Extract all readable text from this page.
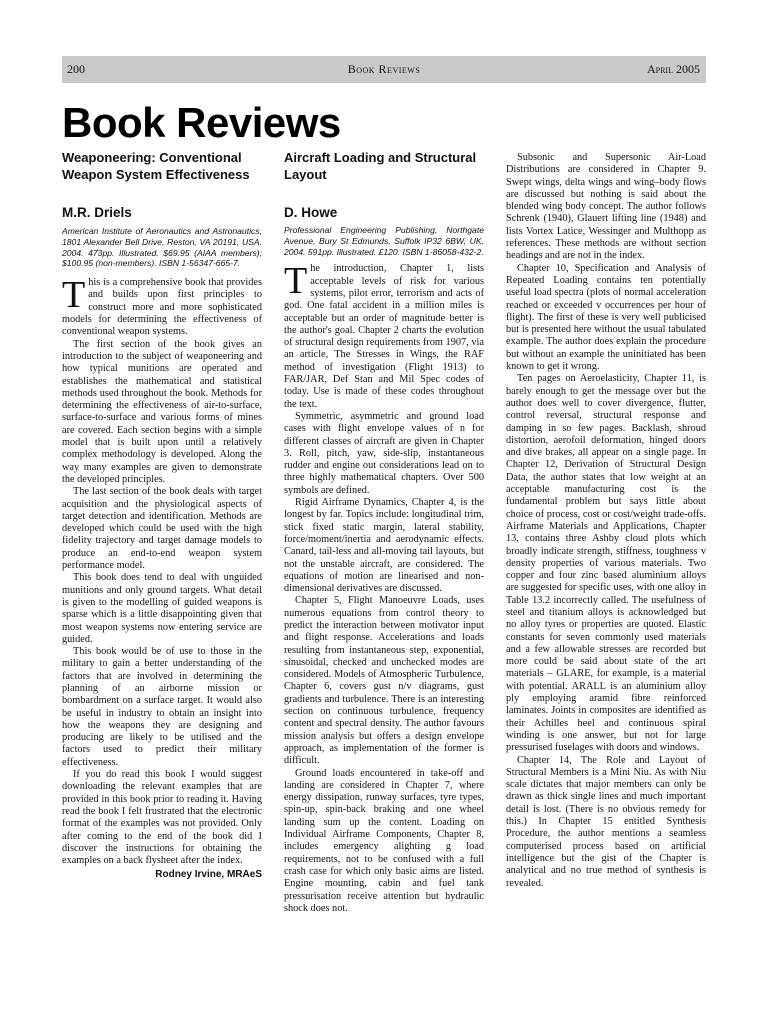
200	Book Reviews	April 2005
Book Reviews
Weaponeering: Conventional Weapon System Effectiveness
M.R. Driels

American Institute of Aeronautics and Astronautics, 1801 Alexander Bell Drive, Reston, VA 20191, USA. 2004. 473pp. Illustrated. $69.95 (AIAA members); $100.95 (non-members). ISBN 1-56347-665-7.

This is a comprehensive book that provides and builds upon first principles to construct more and more sophisticated models for determining the effectiveness of conventional weapon systems.

The first section of the book gives an introduction to the subject of weaponeering and how typical munitions are operated and establishes the mathematical and statistical methods used throughout the book. Methods for determining the effectiveness of air-to-surface, surface-to-surface and various forms of mines are covered. Each section begins with a simple model that is built upon until a relatively complex methodology is developed. Along the way many examples are given to demonstrate the developed principles.

The last section of the book deals with target acquisition and the physiological aspects of target detection and identification. Methods are developed which could be used with the high fidelity trajectory and target damage models to produce an end-to-end weapon system performance model.

This book does tend to deal with unguided munitions and only ground targets. What detail is given to the modelling of guided weapons is sparse which is a little disappointing given that most weapon systems now entering service are guided.

This book would be of use to those in the military to gain a better understanding of the factors that are involved in determining the planning of an airborne mission or bombardment on a surface target. It would also be useful in industry to obtain an insight into how the weapons they are designing and producing are likely to be utilised and the factors used to predict their military effectiveness.

If you do read this book I would suggest downloading the relevant examples that are provided in this book prior to reading it. Having read the book I felt frustrated that the electronic format of the examples was not provided. Only after coming to the end of the book did I discover the instructions for obtaining the examples on a back flysheet after the index.

Rodney Irvine, MRAeS

Aircraft Loading and Structural Layout
D. Howe

Professional Engineering Publishing, Northgate Avenue, Bury St Edmunds, Suffolk IP32 6BW, UK. 2004. 591pp. Illustrated. £120. ISBN 1-86058-432-2.

The introduction, Chapter 1, lists acceptable levels of risk for various systems, pilot error, terrorism and acts of god. One fatal accident in a million miles is acceptable but an order of magnitude better is the author's goal. Chapter 2 charts the evolution of structural design requirements from 1907, via an article, The Stresses in Wings, the RAF method of investigation (Flight 1913) to FAR/JAR, Def Stan and Mil Spec codes of today. Use is made of these codes throughout the text.

Symmetric, asymmetric and ground load cases with flight envelope values of n for different classes of aircraft are given in Chapter 3. Roll, pitch, yaw, side-slip, instantaneous rudder and engine out considerations lead on to three highly mathematical chapters. Over 500 symbols are defined.

Rigid Airframe Dynamics, Chapter 4, is the longest by far. Topics include: longitudinal trim, stick fixed static margin, lateral stability, force/moment/inertia and aerodynamic effects. Canard, tail-less and all-moving tail layouts, but not the unstable aircraft, are considered. The equations of motion are linearised and non-dimensional derivatives are discussed.

Chapter 5, Flight Manoeuvre Loads, uses numerous equations from control theory to predict the interaction between motivator input and flight response. Accelerations and loads resulting from instantaneous step, exponential, sinusoidal, checked and unchecked modes are considered. Models of Atmospheric Turbulence, Chapter 6, covers gust n/v diagrams, gust gradients and turbulence. There is an interesting section on continuous turbulence, frequency content and spectral density. The author favours mission analysis but offers a design envelope approach, as implementation of the former is difficult.

Ground loads encountered in take-off and landing are considered in Chapter 7, where energy dissipation, runway surfaces, tyre types, spin-up, spin-back braking and one wheel landing sum up the content. Loading on Individual Airframe Components, Chapter 8, includes emergency alighting g load requirements, not to be confused with a full crash case for which only basic aims are listed. Engine mounting, cabin and fuel tank pressurisation receive attention but hydraulic shock does not.

Subsonic and Supersonic Air-Load Distributions are considered in Chapter 9. Swept wings, delta wings and wing–body flows are discussed but nothing is said about the blended wing body concept. The author follows Schrenk (1940), Glauert lifting line (1948) and lists Vortex Latice, Wessinger and Multhopp as references. These methods are without section headings and are not in the index.

Chapter 10, Specification and Analysis of Repeated Loading contains ten potentially useful load spectra (plots of normal acceleration reached or exceeded v occurrences per hour of flight). The first of these is very well publicised but is presented here without the usual tabulated example. The author does explain the procedure but without an example the uninitiated has been known to get it wrong.

Ten pages on Aeroelasticity, Chapter 11, is barely enough to get the message over but the author does well to cover divergence, flutter, control reversal, structural response and damping in so few pages. Backlash, shroud distortion, aerofoil deformation, hinged doors and dive brakes, all appear on a single page. In Chapter 12, Derivation of Structural Design Data, the author states that low weight at an acceptable manufacturing cost is the fundamental problem but says little about choice of process, cost or cost/weight trade-offs. Airframe Materials and Applications, Chapter 13, contains three Ashby cloud plots which broadly indicate strength, stiffness, toughness v density properties of various materials. Two copper and four zinc based aluminium alloys are suggested for specific uses, with one alloy in Table 13.2 incorrectly called. The usefulness of steel and titanium alloys is acknowledged but no alloy tyres or properties are quoted. Elastic constants for seven commonly used materials and a few allowable stresses are recorded but more could be said about state of the art materials – GLARE, for example, is a material with potential. ARALL is an aluminium alloy ply employing aramid fibre reinforced laminates. Joints in composites are identified as their Achilles heel and continuous spiral winding is one answer, but not for large pressurised fuselages with doors and windows.

Chapter 14, The Role and Layout of Structural Members is a Mini Niu. As with Niu scale dictates that major members can only be drawn as thick single lines and much important detail is lost. (There is no obvious remedy for this.) In Chapter 15 entitled Synthesis Procedure, the author mentions a seamless computerised process based on artificial intelligence but the gist of the Chapter is analytical and no true method of synthesis is revealed.
